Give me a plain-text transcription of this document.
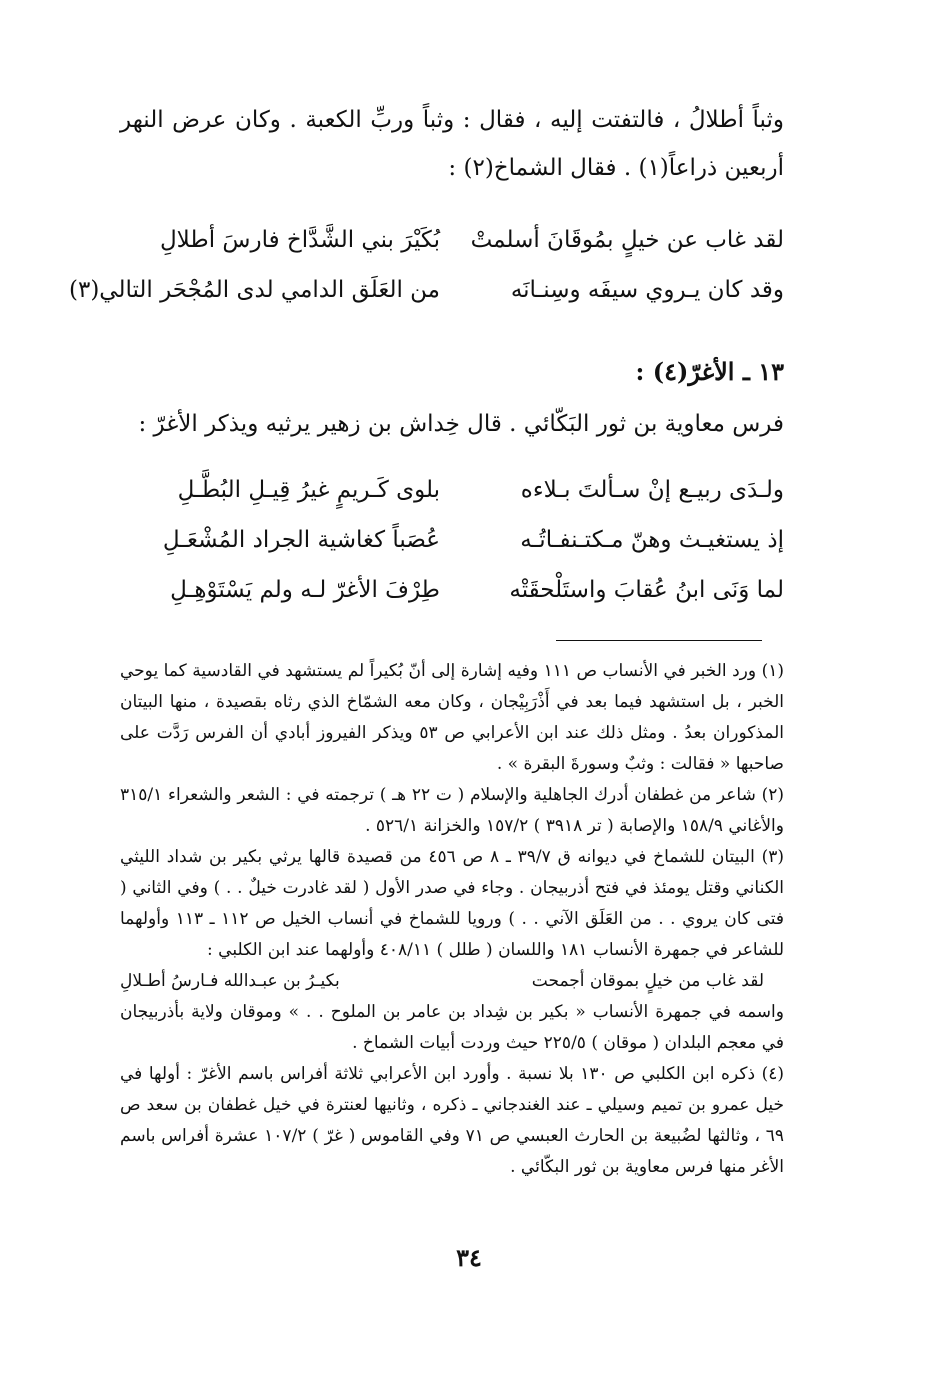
وثباً أطلالُ ، فالتفتت إليه ، فقال : وثباً وربِّ الكعبة . وكان عرض النهر أربعين ذراعاً(١) . فقال الشماخ(٢) :

لقد غاب عن خيلٍ بمُوقَانَ أسلمتْ
بُكَيْرَ بني الشَّدَّاخ فارسَ أطلالِ
وقد كان يـروي سيفَه وسِنـانَه
من العَلَق الدامي لدى المُجْحَر التالي(٣)
١٣ ـ الأغرّ(٤) :

فرس معاوية بن ثور البَكّائي . قال خِداش بن زهير يرثيه ويذكر الأغرّ :

ولـدَى ربيـع إنْ سـألتَ بـلاءه
بلوى كَـريمٍ غيرُ قِيـلِ البُطَّـلِ
إذ يستغيـث وهنّ مـكتـنفـاتُـه
عُصَباً كغاشية الجراد المُشْعَـلِ
لما وَنَى ابنُ عُقابَ واستَلْحقَتْه
طِرْفَ الأغرّ لـه ولم يَسْتَوْهِـلِ

(١) ورد الخبر في الأنساب ص ١١١ وفيه إشارة إلى أنّ بُكيراً لم يستشهد في القادسية كما يوحي الخبر ، بل استشهد فيما بعد في أَذْرَبِيْجان ، وكان معه الشمّاخ الذي رثاه بقصيدة ، منها البيتان المذكوران بعدُ . ومثل ذلك عند ابن الأعرابي ص ٥٣ ويذكر الفيروز أبادي أن الفرس رَدَّت على صاحبها « فقالت : وثبٌ وسورةَ البقرة » .

(٢) شاعر من غطفان أدرك الجاهلية والإسلام ( ت ٢٢ هـ ) ترجمته في : الشعر والشعراء ٣١٥/١ والأغاني ١٥٨/٩ والإصابة ( تر ٣٩١٨ ) ١٥٧/٢ والخزانة ٥٢٦/١ .

(٣) البيتان للشماخ في ديوانه ق ٣٩/٧ ـ ٨ ص ٤٥٦ من قصيدة قالها يرثي بكير بن شداد الليثي الكناني وقتل يومئذ في فتح أذربيجان . وجاء في صدر الأول ( لقد غادرت خيلٌ . . ) وفي الثاني ( فتى كان يروي . . من العَلَق الآني . . ) ورويا للشماخ في أنساب الخيل ص ١١٢ ـ ١١٣ وأولهما للشاعر في جمهرة الأنساب ١٨١ واللسان ( طلل ) ٤٠٨/١١ وأولهما عند ابن الكلبي :

لقد غاب من خيلٍ بموقان أجمحت
بكيـرُ بن عبـدالله فـارسُ أطـلالِ

واسمه في جمهرة الأنساب « بكير بن شِداد بن عامر بن الملوح . . » وموقان ولاية بأذربيجان في معجم البلدان ( موقان ) ٢٢٥/٥ حيث وردت أبيات الشماخ .

(٤) ذكره ابن الكلبي ص ١٣٠ بلا نسبة . وأورد ابن الأعرابي ثلاثة أفراس باسم الأغرّ : أولها في خيل عمرو بن تميم وسيلي ـ عند الغندجاني ـ ذكره ، وثانيها لعنترة في خيل غطفان بن سعد ص ٦٩ ، وثالثها لضُبيعة بن الحارث العبسي ص ٧١ وفي القاموس ( غرّ ) ١٠٧/٢ عشرة أفراس باسم الأغر منها فرس معاوية بن ثور البكّائي .

٣٤
